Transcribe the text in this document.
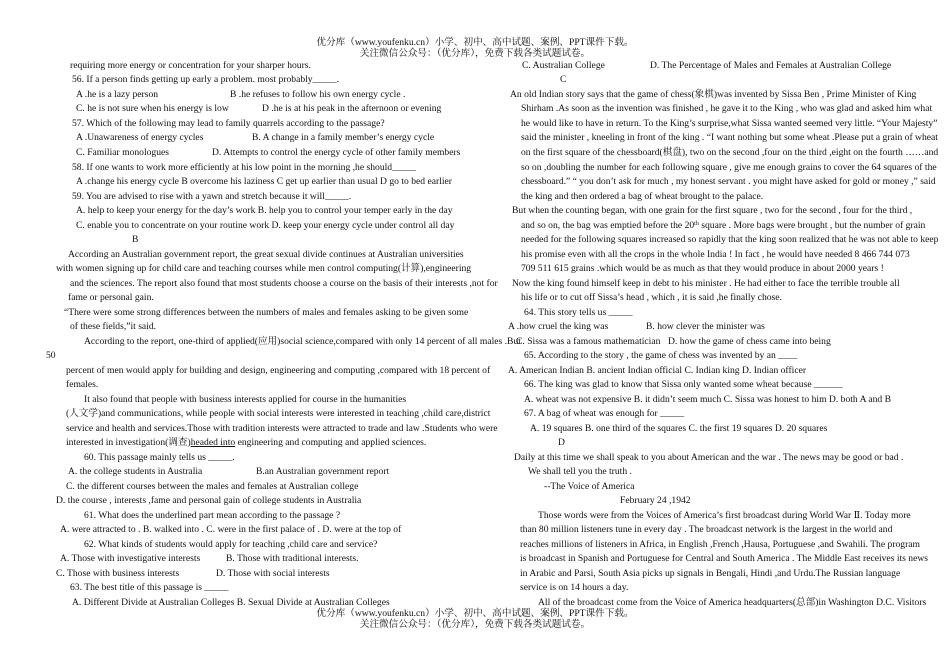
优分库（www.youfenku.cn）小学、初中、高中试题、案例、PPT课件下载。
关注微信公众号：（优分库），免费下载各类试题试卷。
requiring more energy or concentration for your sharper hours.
56. If a person finds getting up early a problem. most probably_____.
A .he is a lazy person	B .he refuses to follow his own energy cycle .
C. he is not sure when his energy is low	D .he is at his peak in the afternoon or evening
57. Which of the following may lead to family quarrels according to the passage?
A .Unawareness of energy cycles	B. A change in a family member’s energy cycle
C. Familiar monologues	D. Attempts to control the energy cycle of other family members
58. If one wants to work more efficiently at his low point in the morning ,he should_____
A .change his energy cycle B overcome his laziness C get up earlier than usual D go to bed earlier
59. You are advised to rise with a yawn and stretch because it will_____.
A. help to keep your energy for the day’s work B. help you to control your temper early in the day
C. enable you to concentrate on your routine work D. keep your energy cycle under control all day
B
According an Australian government report, the great sexual divide continues at Australian universities
with women signing up for child care and teaching courses while men control computing(计算),engineering
and the sciences. The report also found that most students choose a course on the basis of their interests ,not for
fame or personal gain.
“There were some strong differences between the numbers of males and females asking to be given some
of these fields,”it said.
According to the report, one-third of applied(应用)social science,compared with only 14 percent of all males .But
50
percent of men would apply for building and design, engineering and computing ,compared with 18 percent of
females.
It also found that people with business interests applied for course in the humanities
(人文学)and communications, while people with social interests were interested in teaching ,child care,district
service and health and services.Those with tradition interests were attracted to trade and law .Students who were
interested in investigation(调查)headed into engineering and computing and applied sciences.
60. This passage mainly tells us _____.
A. the college students in Australia	B.an Australian government report
C. the different courses between the males and females at Australian college
D. the course , interests ,fame and personal gain of college students in Australia
61. What does the underlined part mean according to the passage ?
A. were attracted to . B. walked into . C. were in the first palace of . D. were at the top of
62. What kinds of students would apply for teaching ,child care and service?
A. Those with investigative interests	B. Those with traditional interests.
C. Those with business interests	D. Those with social interests
63. The best title of this passage is _____
A. Different Divide at Australian Colleges B. Sexual Divide at Australian Colleges
C. Australian College	D. The Percentage of Males and Females at Australian College
C
An old Indian story says that the game of chess(象棋)was invented by Sissa Ben , Prime Minister of King
Shirham .As soon as the invention was finished , he gave it to the King , who was glad and asked him what
he would like to have in return. To the King’s surprise,what Sissa wanted seemed very little. “Your Majesty”
said the minister , kneeling in front of the king . “I want nothing but some wheat .Please put a grain of wheat
on the first square of the chessboard(棋盘), two on the second ,four on the third ,eight on the fourth ……and
so on ,doubling the number for each following square , give me enough grains to cover the 64 squares of the
chessboard.” “ you don’t ask for much , my honest servant . you might have asked for gold or money ,” said
the king and then ordered a bag of wheat brought to the palace.
But when the counting began, with one grain for the first square , two for the second , four for the third ,
and so on, the bag was emptied before the 20th square . More bags were brought , but the number of grain
needed for the following squares increased so rapidly that the king soon realized that he was not able to keep
his promise even with all the crops in the whole India ! In fact , he would have needed 8 466 744 073
709 511 615 grains .which would be as much as that they would produce in about 2000 years !
Now the king found himself keep in debt to his minister . He had either to face the terrible trouble all
his life or to cut off Sissa’s head , which , it is said ,he finally chose.
64. This story tells us _____
A .how cruel the king was	B. how clever the minister was
C. Sissa was a famous mathematician D. how the game of chess came into being
65. According to the story , the game of chess was invented by an ____
A. American Indian B. ancient Indian official C. Indian king D. Indian officer
66. The king was glad to know that Sissa only wanted some wheat because ______
A. wheat was not expensive B. it didn’t seem much C. Sissa was honest to him D. both A and B
67. A bag of wheat was enough for _____
A. 19 squares B. one third of the squares C. the first 19 squares D. 20 squares
D
Daily at this time we shall speak to you about American and the war . The news may be good or bad .
We shall tell you the truth .
--The Voice of America
February 24 ,1942
Those words were from the Voices of America’s first broadcast during World War Ⅱ. Today more
than 80 million listeners tune in every day . The broadcast network is the largest in the world and
reaches millions of listeners in Africa, in English ,French ,Hausa, Portuguese ,and Swahili. The program
is broadcast in Spanish and Portuguese for Central and South America . The Middle East receives its news
in Arabic and Parsi, South Asia picks up signals in Bengali, Hindi ,and Urdu.The Russian language
service is on 14 hours a day.
All of the broadcast come from the Voice of America headquarters(总部)in Washington D.C. Visitors
优分库（www.youfenku.cn）小学、初中、高中试题、案例、PPT课件下载。
关注微信公众号：（优分库），免费下载各类试题试卷。
